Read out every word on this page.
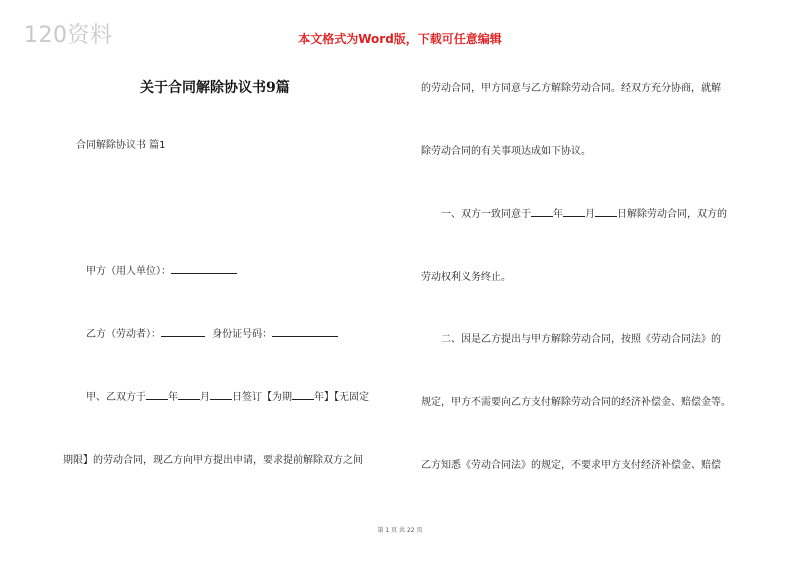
120资料	本文格式为Word版，下载可任意编辑
关于合同解除协议书9篇
合同解除协议书 篇1
甲方（用人单位）：
乙方（劳动者）：	身份证号码：
甲、乙双方于 年 月 日签订【为期 年】【无固定
期限】的劳动合同，现乙方向甲方提出申请，要求提前解除双方之间
的劳动合同，甲方同意与乙方解除劳动合同。经双方充分协商，就解
除劳动合同的有关事项达成如下协议。
一、双方一致同意于 年 月 日解除劳动合同，双方的
劳动权利义务终止。
二、因是乙方提出与甲方解除劳动合同，按照《劳动合同法》的
规定，甲方不需要向乙方支付解除劳动合同的经济补偿金、赔偿金等。
乙方知悉《劳动合同法》的规定，不要求甲方支付经济补偿金、赔偿
第 1 页 共 22 页
